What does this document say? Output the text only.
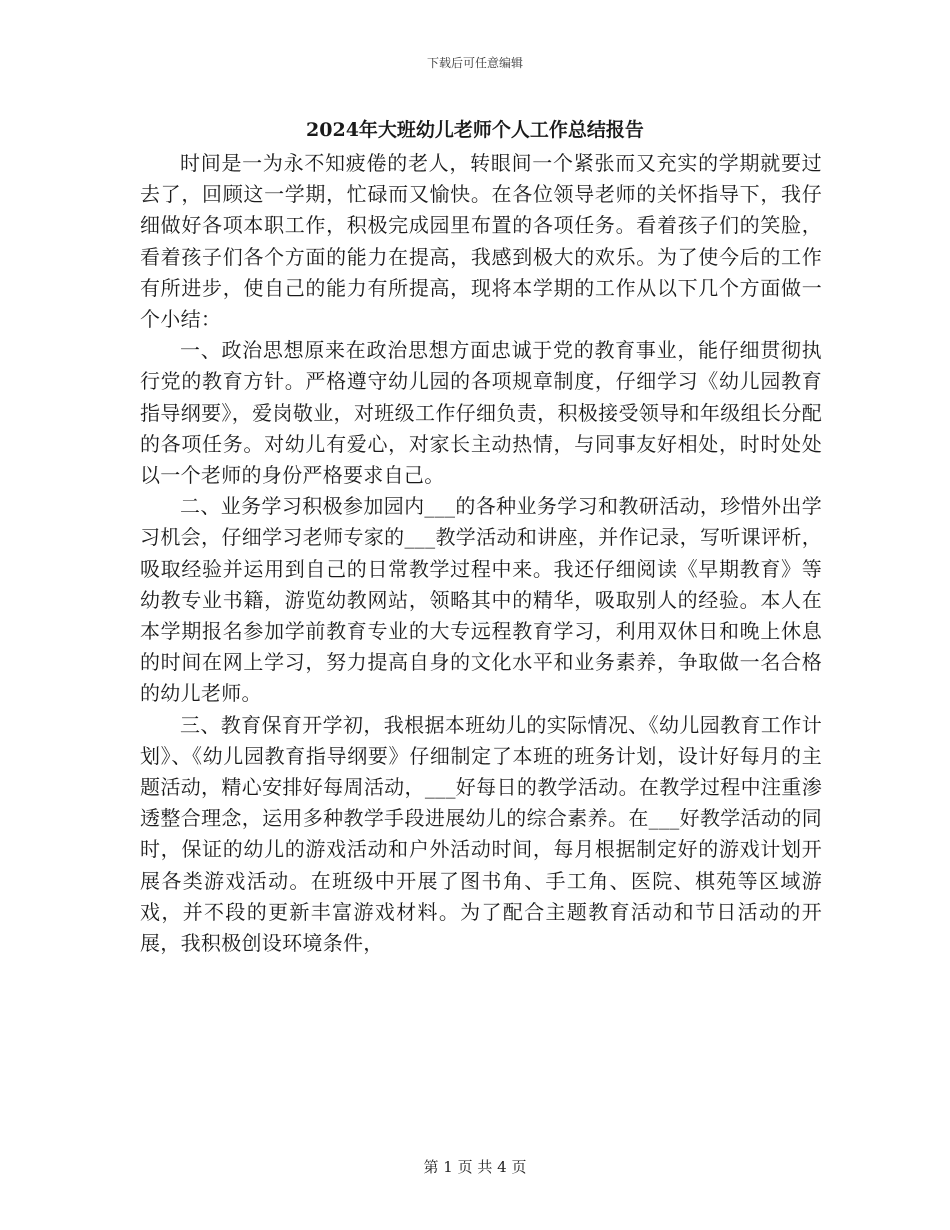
下载后可任意编辑
2024年大班幼儿老师个人工作总结报告

时间是一为永不知疲倦的老人，转眼间一个紧张而又充实的学期就要过去了，回顾这一学期，忙碌而又愉快。在各位领导老师的关怀指导下，我仔细做好各项本职工作，积极完成园里布置的各项任务。看着孩子们的笑脸，看着孩子们各个方面的能力在提高，我感到极大的欢乐。为了使今后的工作有所进步，使自己的能力有所提高，现将本学期的工作从以下几个方面做一个小结：

一、政治思想原来在政治思想方面忠诚于党的教育事业，能仔细贯彻执行党的教育方针。严格遵守幼儿园的各项规章制度，仔细学习《幼儿园教育指导纲要》，爱岗敬业，对班级工作仔细负责，积极接受领导和年级组长分配的各项任务。对幼儿有爱心，对家长主动热情，与同事友好相处，时时处处以一个老师的身份严格要求自己。

二、业务学习积极参加园内___的各种业务学习和教研活动，珍惜外出学习机会，仔细学习老师专家的___教学活动和讲座，并作记录，写听课评析，吸取经验并运用到自己的日常教学过程中来。我还仔细阅读《早期教育》等幼教专业书籍，游览幼教网站，领略其中的精华，吸取别人的经验。本人在本学期报名参加学前教育专业的大专远程教育学习，利用双休日和晚上休息的时间在网上学习，努力提高自身的文化水平和业务素养，争取做一名合格的幼儿老师。

三、教育保育开学初，我根据本班幼儿的实际情况、《幼儿园教育工作计划》、《幼儿园教育指导纲要》仔细制定了本班的班务计划，设计好每月的主题活动，精心安排好每周活动，___好每日的教学活动。在教学过程中注重渗透整合理念，运用多种教学手段进展幼儿的综合素养。在___好教学活动的同时，保证的幼儿的游戏活动和户外活动时间，每月根据制定好的游戏计划开展各类游戏活动。在班级中开展了图书角、手工角、医院、棋苑等区域游戏，并不段的更新丰富游戏材料。为了配合主题教育活动和节日活动的开展，我积极创设环境条件，

第 1 页 共 4 页
